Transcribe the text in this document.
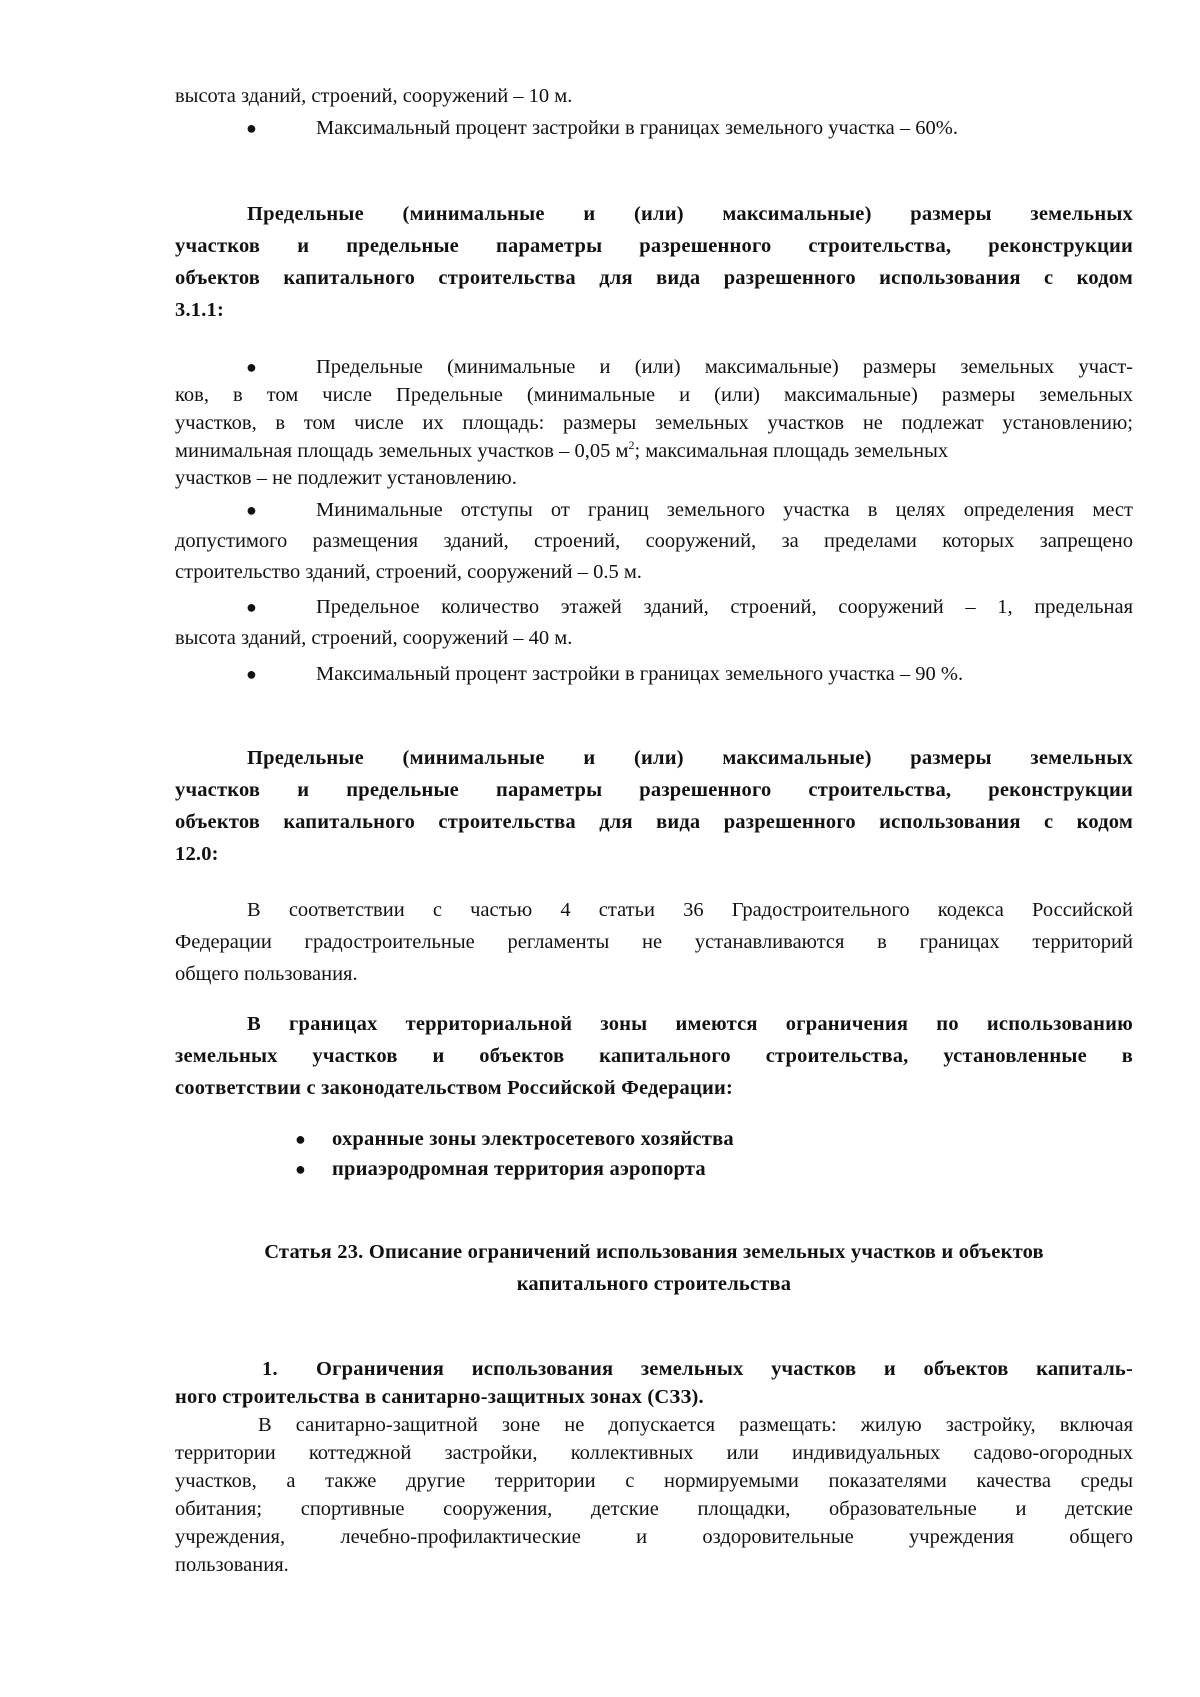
высота зданий, строений, сооружений – 10 м.
●	Максимальный процент застройки в границах земельного участка – 60%.
Предельные (минимальные и (или) максимальные) размеры земельных
участков и предельные параметры разрешенного строительства, реконструкции
объектов капитального строительства для вида разрешенного использования с кодом
3.1.1:
●	Предельные (минимальные и (или) максимальные) размеры земельных участ-
ков, в том числе Предельные (минимальные и (или) максимальные) размеры земельных
участков, в том числе их площадь: размеры земельных участков не подлежат установлению;
минимальная площадь земельных участков – 0,05 $м^2$; максимальная площадь земельных
участков – не подлежит установлению.
●	Минимальные отступы от границ земельного участка в целях определения мест
допустимого размещения зданий, строений, сооружений, за пределами которых запрещено
строительство зданий, строений, сооружений – 0.5 м.
●	Предельное количество этажей зданий, строений, сооружений – 1, предельная
высота зданий, строений, сооружений – 40 м.
●	Максимальный процент застройки в границах земельного участка – 90 %.
Предельные (минимальные и (или) максимальные) размеры земельных
участков и предельные параметры разрешенного строительства, реконструкции
объектов капитального строительства для вида разрешенного использования с кодом
12.0:
В соответствии с частью 4 статьи 36 Градостроительного кодекса Российской
Федерации градостроительные регламенты не устанавливаются в границах территорий
общего пользования.
В границах территориальной зоны имеются ограничения по использованию
земельных участков и объектов капитального строительства, установленные в
соответствии с законодательством Российской Федерации:
● охранные зоны электросетевого хозяйства
● приаэродромная территория аэропорта
Статья 23. Описание ограничений использования земельных участков и объектов
капитального строительства
1.	Ограничения использования земельных участков и объектов капиталь-
ного строительства в санитарно-защитных зонах (СЗЗ).
В санитарно-защитной зоне не допускается размещать: жилую застройку, включая
территории коттеджной застройки, коллективных или индивидуальных садово-огородных
участков, а также другие территории с нормируемыми показателями качества среды
обитания; спортивные сооружения, детские площадки, образовательные и детские
учреждения, лечебно-профилактические и оздоровительные учреждения общего
пользования.
